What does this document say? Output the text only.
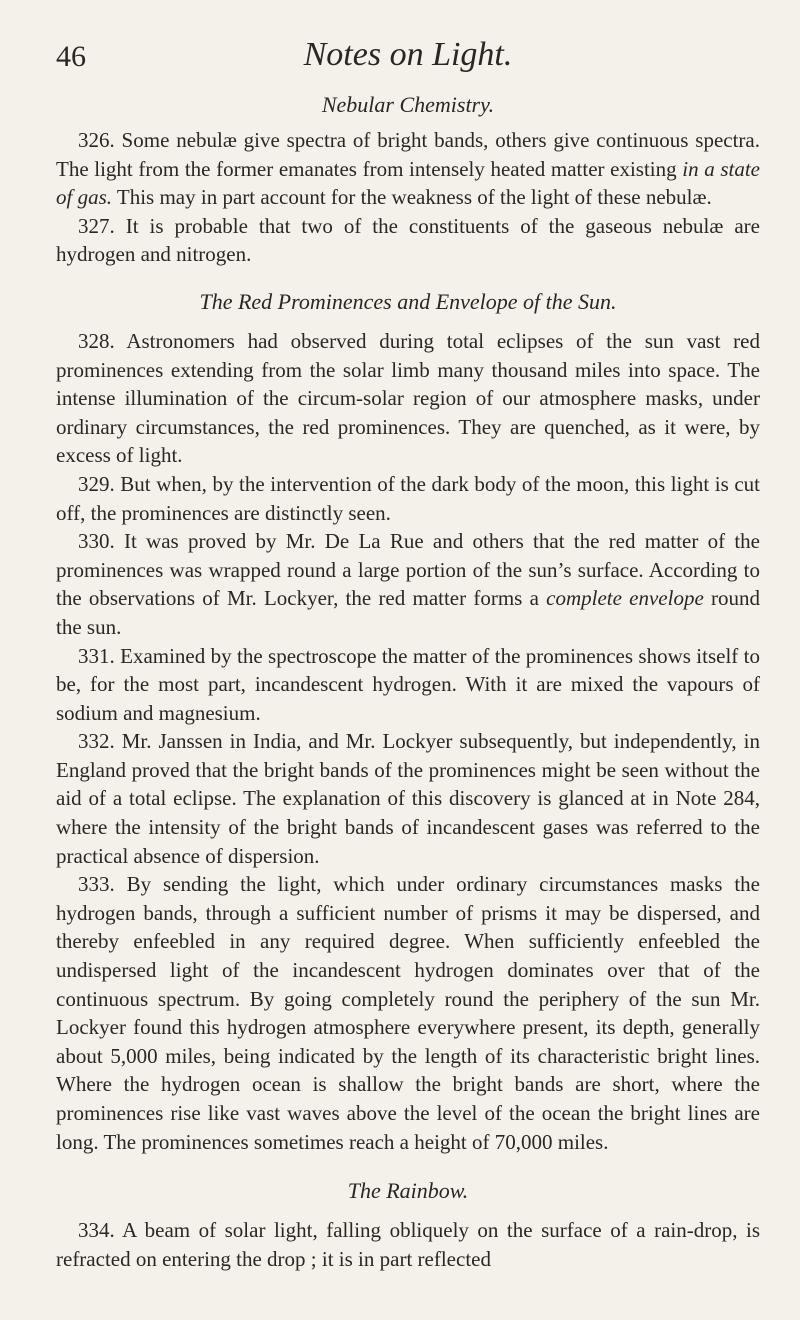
46	Notes on Light.
Nebular Chemistry.

326. Some nebulæ give spectra of bright bands, others give continuous spectra. The light from the former emanates from intensely heated matter existing in a state of gas. This may in part account for the weakness of the light of these nebulæ.

327. It is probable that two of the constituents of the gaseous nebulæ are hydrogen and nitrogen.

The Red Prominences and Envelope of the Sun.

328. Astronomers had observed during total eclipses of the sun vast red prominences extending from the solar limb many thousand miles into space. The intense illumination of the circum-solar region of our atmosphere masks, under ordinary circumstances, the red prominences. They are quenched, as it were, by excess of light.

329. But when, by the intervention of the dark body of the moon, this light is cut off, the prominences are distinctly seen.

330. It was proved by Mr. De La Rue and others that the red matter of the prominences was wrapped round a large portion of the sun’s surface. According to the observations of Mr. Lockyer, the red matter forms a complete envelope round the sun.

331. Examined by the spectroscope the matter of the prominences shows itself to be, for the most part, incandescent hydrogen. With it are mixed the vapours of sodium and magnesium.

332. Mr. Janssen in India, and Mr. Lockyer subsequently, but independently, in England proved that the bright bands of the prominences might be seen without the aid of a total eclipse. The explanation of this discovery is glanced at in Note 284, where the intensity of the bright bands of incandescent gases was referred to the practical absence of dispersion.

333. By sending the light, which under ordinary circumstances masks the hydrogen bands, through a sufficient number of prisms it may be dispersed, and thereby enfeebled in any required degree. When sufficiently enfeebled the undispersed light of the incandescent hydrogen dominates over that of the continuous spectrum. By going completely round the periphery of the sun Mr. Lockyer found this hydrogen atmosphere everywhere present, its depth, generally about 5,000 miles, being indicated by the length of its characteristic bright lines. Where the hydrogen ocean is shallow the bright bands are short, where the prominences rise like vast waves above the level of the ocean the bright lines are long. The prominences sometimes reach a height of 70,000 miles.

The Rainbow.

334. A beam of solar light, falling obliquely on the surface of a rain-drop, is refracted on entering the drop ; it is in part reflected
